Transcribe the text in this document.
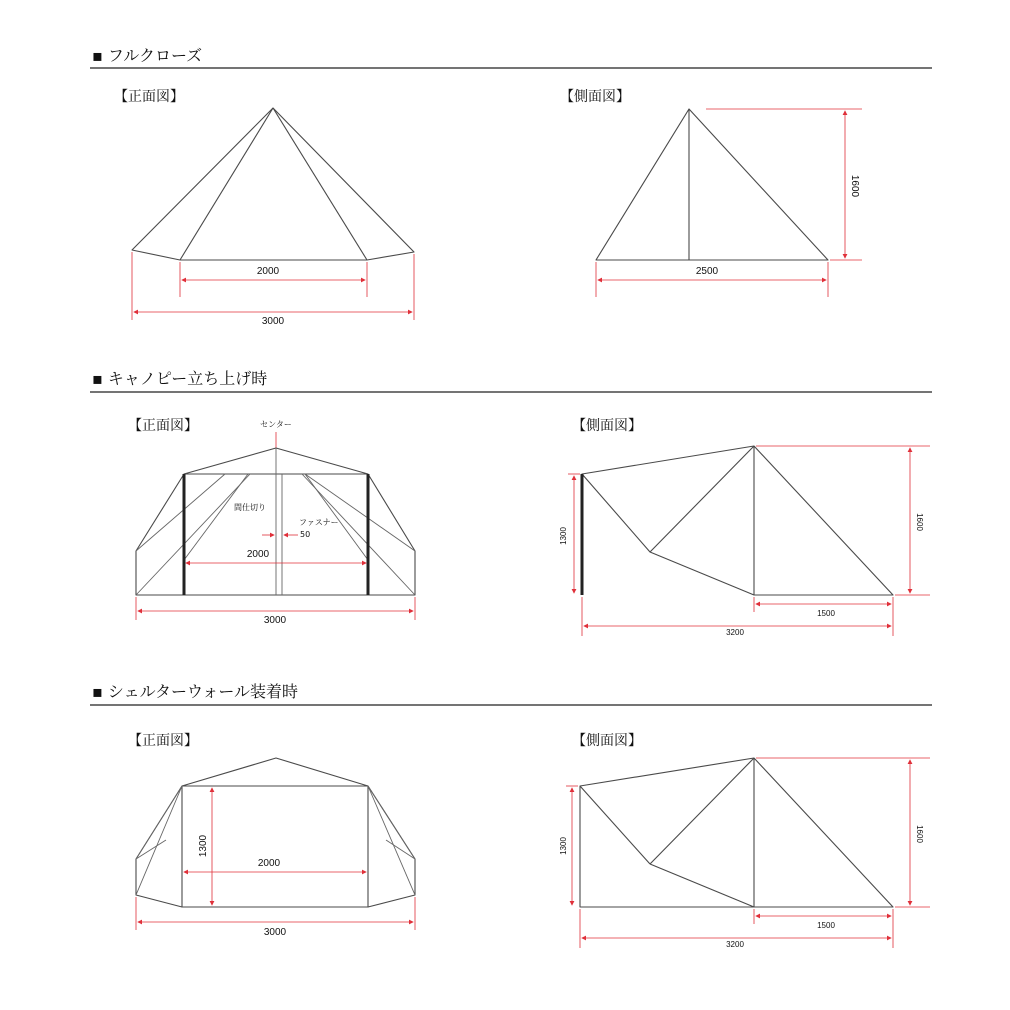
▪ フルクローズ
【正面図】
2000
3000
【側面図】
2500
1600
▪ キャノピー立ち上げ時
【正面図】	センター
間仕切り
ファスナー
50
2000
3000
【側面図】
1300
1600
1500
3200
▪ シェルターウォール装着時
【正面図】
1300
2000
3000
【側面図】
1300
1600
1500
3200
